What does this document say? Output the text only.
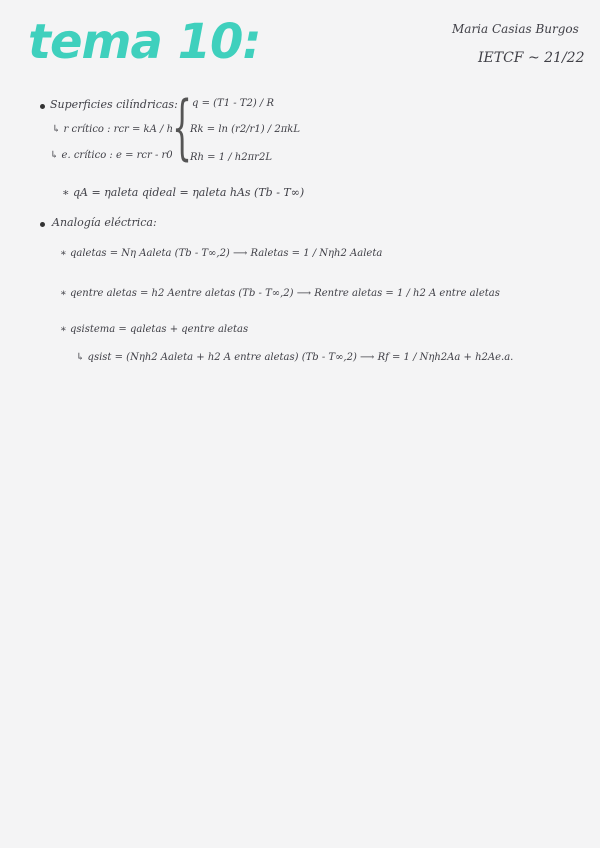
tema 10:	Maria Casias Burgos
IETCF ~ 21/22
Superficies cilíndricas:
↳ r crítico : rcr = kA / h
↳ e. crítico : e = rcr - r0 { q = (T1 - T2) / R
Rk = ln (r2/r1) / 2πkL
Rh = 1 / h2πr2L
∗ qA = ηaleta qideal = ηaleta hAs (Tb - T∞)
Analogía eléctrica:
∗ qaletas = Nη Aaleta (Tb - T∞,2) ⟶ Raletas = 1 / Nηh2 Aaleta
∗ qentre aletas = h2 Aentre aletas (Tb - T∞,2) ⟶ Rentre aletas = 1 / h2 A entre aletas
∗ qsistema = qaletas + qentre aletas
↳ qsist = (Nηh2 Aaleta + h2 A entre aletas) (Tb - T∞,2) ⟶ Rf = 1 / Nηh2Aa + h2Ae.a.
